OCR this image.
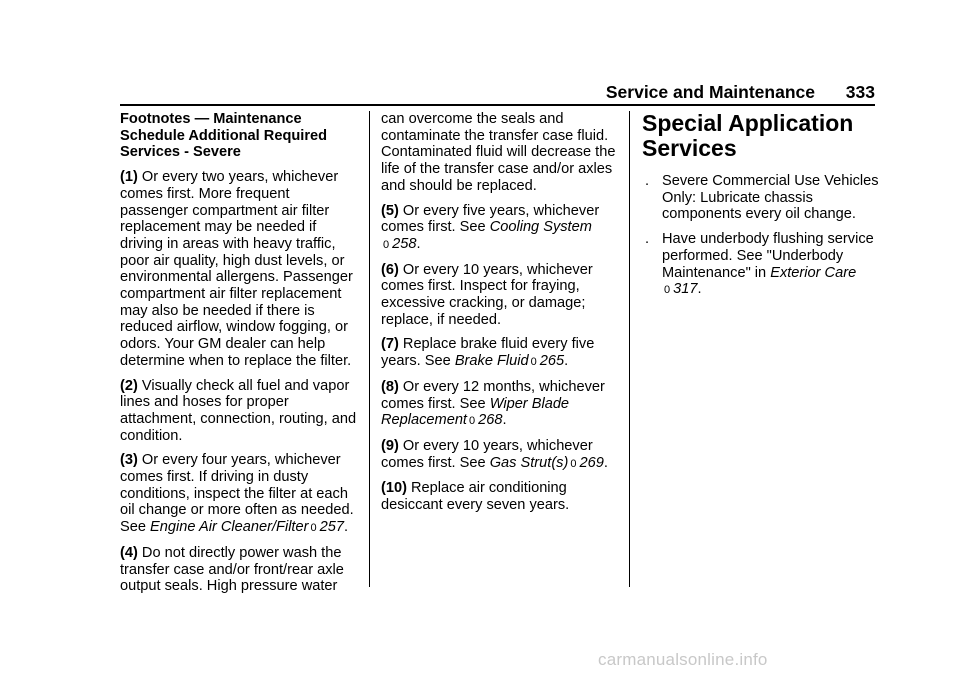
Service and Maintenance 333

Footnotes — Maintenance Schedule Additional Required Services - Severe

(1) Or every two years, whichever comes first. More frequent passenger compartment air filter replacement may be needed if driving in areas with heavy traffic, poor air quality, high dust levels, or environmental allergens. Passenger compartment air filter replacement may also be needed if there is reduced airflow, window fogging, or odors. Your GM dealer can help determine when to replace the filter.

(2) Visually check all fuel and vapor lines and hoses for proper attachment, connection, routing, and condition.

(3) Or every four years, whichever comes first. If driving in dusty conditions, inspect the filter at each oil change or more often as needed. See Engine Air Cleaner/Filter 0 257.

(4) Do not directly power wash the transfer case and/or front/rear axle output seals. High pressure water

can overcome the seals and contaminate the transfer case fluid. Contaminated fluid will decrease the life of the transfer case and/or axles and should be replaced.

(5) Or every five years, whichever comes first. See Cooling System
0 258.

(6) Or every 10 years, whichever comes first. Inspect for fraying, excessive cracking, or damage; replace, if needed.

(7) Replace brake fluid every five years. See Brake Fluid 0 265.

(8) Or every 12 months, whichever comes first. See Wiper Blade Replacement 0 268.

(9) Or every 10 years, whichever comes first. See Gas Strut(s) 0 269.

(10) Replace air conditioning desiccant every seven years.

Special Application Services
. Severe Commercial Use Vehicles Only: Lubricate chassis components every oil change.
. Have underbody flushing service performed. See "Underbody Maintenance" in Exterior Care
0 317.
carmanualsonline.info
